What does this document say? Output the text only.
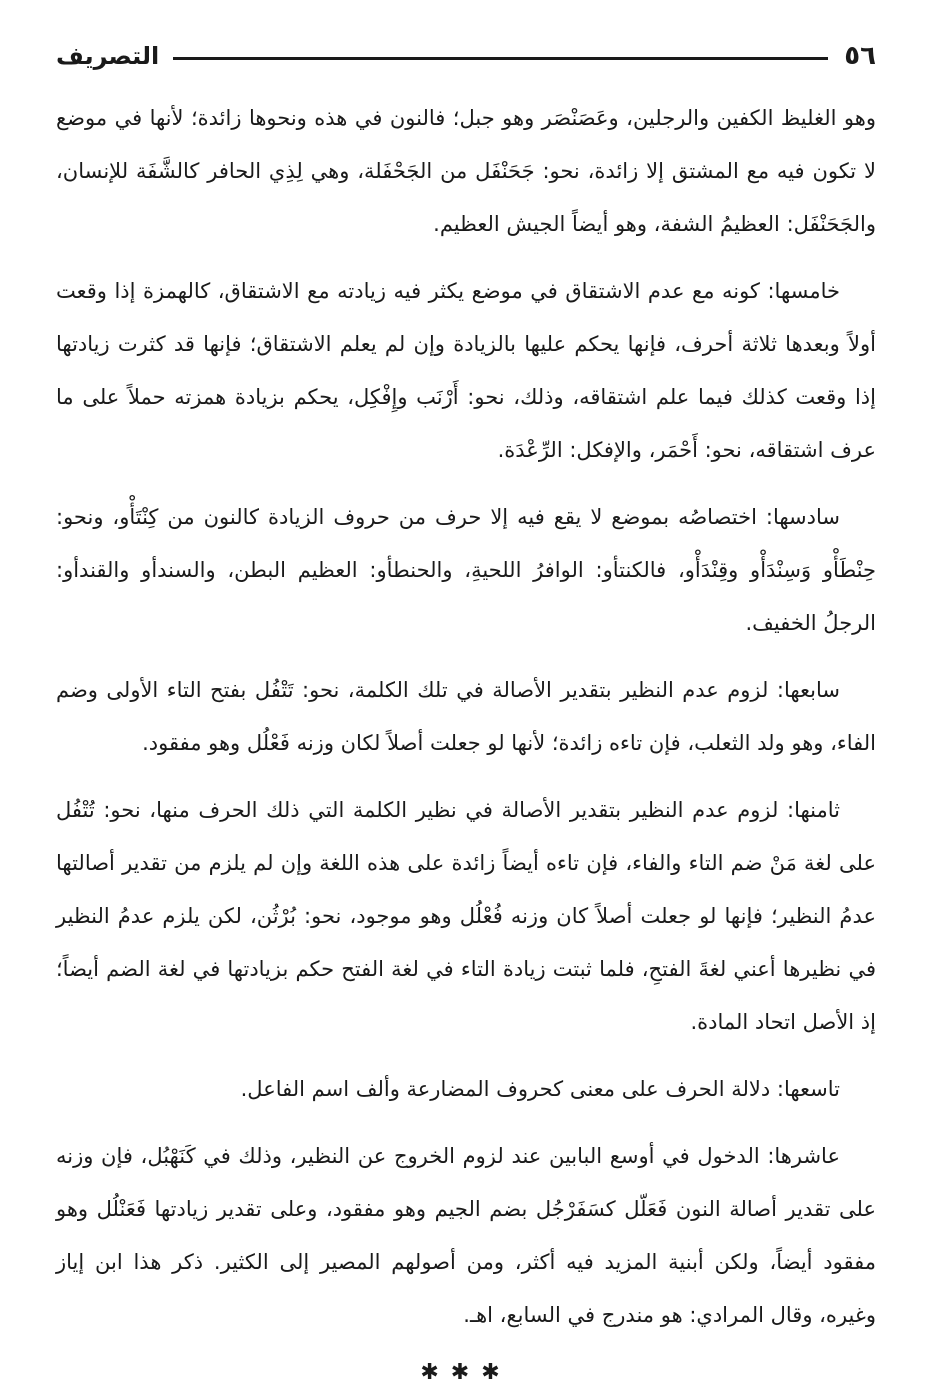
٥٦
التصريف

وهو الغليظ الكفين والرجلين، وعَصَنْصَر وهو جبل؛ فالنون في هذه ونحوها زائدة؛ لأنها في موضع لا تكون فيه مع المشتق إلا زائدة، نحو: جَحَنْفَل من الجَحْفَلة، وهي لِذِي الحافر كالشَّفَة للإنسان، والجَحَنْفَل: العظيمُ الشفة، وهو أيضاً الجيش العظيم.

خامسها: كونه مع عدم الاشتقاق في موضع يكثر فيه زيادته مع الاشتقاق، كالهمزة إذا وقعت أولاً وبعدها ثلاثة أحرف، فإنها يحكم عليها بالزيادة وإن لم يعلم الاشتقاق؛ فإنها قد كثرت زيادتها إذا وقعت كذلك فيما علم اشتقاقه، وذلك، نحو: أَرْنَب وإِفْكِل، يحكم بزيادة همزته حملاً على ما عرف اشتقاقه، نحو: أَحْمَر، والإفكل: الرِّعْدَة.

سادسها: اختصاصُه بموضع لا يقع فيه إلا حرف من حروف الزيادة كالنون من كِنْتَأْو، ونحو: حِنْطَأْو وَسِنْدَأْو وقِنْدَأْو، فالكنتأو: الوافرُ اللحيةِ، والحنطأو: العظيم البطن، والسندأو والقندأو: الرجلُ الخفيف.

سابعها: لزوم عدم النظير بتقدير الأصالة في تلك الكلمة، نحو: تَتْفُل بفتح التاء الأولى وضم الفاء، وهو ولد الثعلب، فإن تاءه زائدة؛ لأنها لو جعلت أصلاً لكان وزنه فَعْلُل وهو مفقود.

ثامنها: لزوم عدم النظير بتقدير الأصالة في نظير الكلمة التي ذلك الحرف منها، نحو: تُتْفُل على لغة مَنْ ضم التاء والفاء، فإن تاءه أيضاً زائدة على هذه اللغة وإن لم يلزم من تقدير أصالتها عدمُ النظير؛ فإنها لو جعلت أصلاً كان وزنه فُعْلُل وهو موجود، نحو: بُرْثُن، لكن يلزم عدمُ النظير في نظيرها أعني لغةَ الفتحِ، فلما ثبتت زيادة التاء في لغة الفتح حكم بزيادتها في لغة الضم أيضاً؛ إذ الأصل اتحاد المادة.

تاسعها: دلالة الحرف على معنى كحروف المضارعة وألف اسم الفاعل.

عاشرها: الدخول في أوسع البابين عند لزوم الخروج عن النظير، وذلك في كَنَهْبُل، فإن وزنه على تقدير أصالة النون فَعَلّل كسَفَرْجُل بضم الجيم وهو مفقود، وعلى تقدير زيادتها فَعَنْلُل وهو مفقود أيضاً، ولكن أبنية المزيد فيه أكثر، ومن أصولهم المصير إلى الكثير. ذكر هذا ابن إياز وغيره، وقال المرادي: هو مندرج في السابع، اهـ.

✱✱✱
